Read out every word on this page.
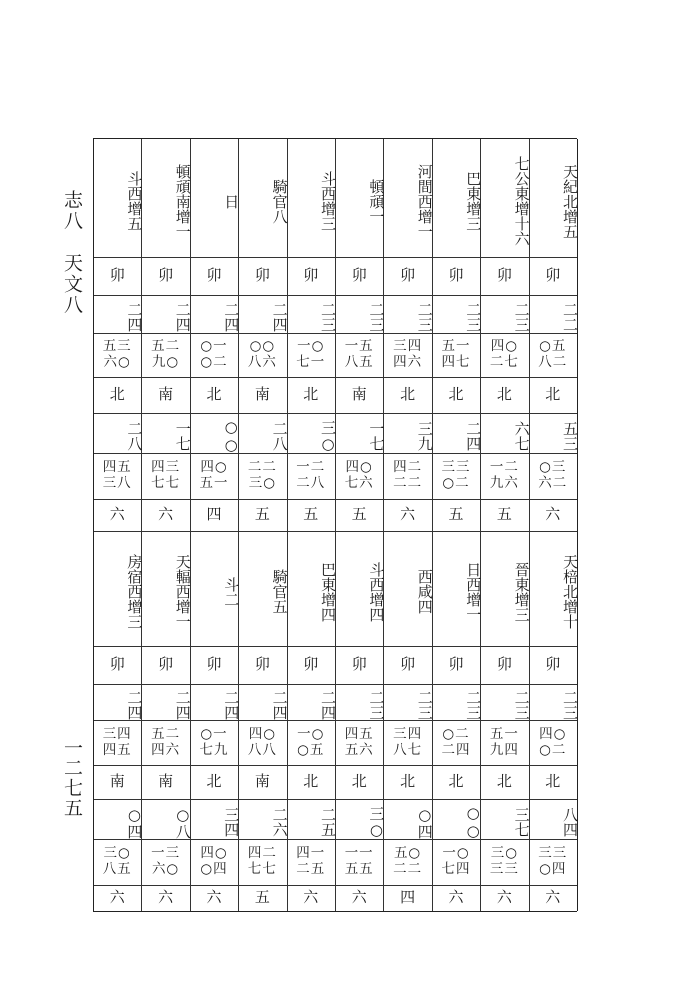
志八　天文八
一二七五
天紀北增五
卯
二二
○五
八二
北
五三
○三
六二
六
天棓北增十
卯
二三
四○
○二
北
八四
三三
○四
六
七公東增十六
卯
二三
四○
二七
北
六七
一二
九六
五
晉東增三
卯
二三
五一
九四
北
三七
三○
三三
六
巴東增三
卯
二三
五一
四七
北
二四
三三
○二
五
日西增一
卯
二三
○二
二四
北
○○
一○
七四
六
河間西增一
卯
二三
三四
四六
北
三九
四二
二二
六
西咸四
卯
二三
三四
八七
北
○四
五○
二二
四
頓頑一
卯
二三
一五
八五
南
一七
四○
七六
五
斗西增四
卯
二三
四五
五六
北
三○
一一
五五
六
斗西增三
卯
二三
一○
七一
北
三○
一二
二八
五
巴東增四
卯
二四
一○
○五
北
二五
四一
二五
六
騎官八
卯
二四
○○
八六
南
二八
二二
三○
五
騎官五
卯
二四
四○
八八
南
二六
四二
七七
五
日
卯
二四
○一
○二
北
○○
四○
五一
四
斗二
卯
二四
○一
七九
北
三四
四○
○四
六
頓頑南增一
卯
二四
五二
九○
南
一七
四三
七七
六
天輻西增一
卯
二四
五二
四六
南
○八
一三
六○
六
斗西增五
卯
二四
五三
六○
北
二八
四五
三八
六
房宿西增三
卯
二四
三四
四五
南
○四
三○
八五
六
